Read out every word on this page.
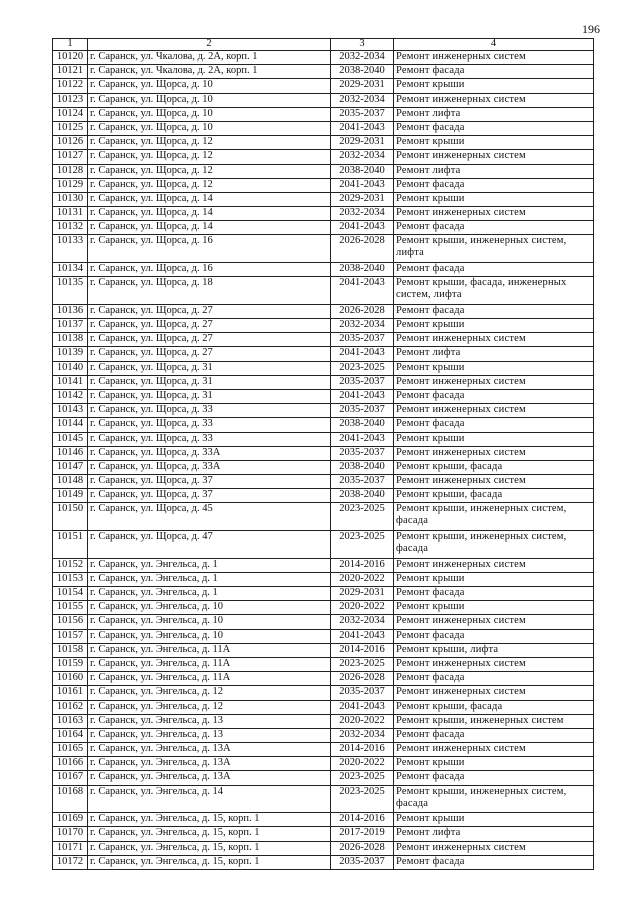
196
1	2	3	4
10120	г. Саранск, ул. Чкалова, д. 2А, корп. 1	2032-2034	Ремонт инженерных систем
10121	г. Саранск, ул. Чкалова, д. 2А, корп. 1	2038-2040	Ремонт фасада
10122	г. Саранск, ул. Щорса, д. 10	2029-2031	Ремонт крыши
10123	г. Саранск, ул. Щорса, д. 10	2032-2034	Ремонт инженерных систем
10124	г. Саранск, ул. Щорса, д. 10	2035-2037	Ремонт лифта
10125	г. Саранск, ул. Щорса, д. 10	2041-2043	Ремонт фасада
10126	г. Саранск, ул. Щорса, д. 12	2029-2031	Ремонт крыши
10127	г. Саранск, ул. Щорса, д. 12	2032-2034	Ремонт инженерных систем
10128	г. Саранск, ул. Щорса, д. 12	2038-2040	Ремонт лифта
10129	г. Саранск, ул. Щорса, д. 12	2041-2043	Ремонт фасада
10130	г. Саранск, ул. Щорса, д. 14	2029-2031	Ремонт крыши
10131	г. Саранск, ул. Щорса, д. 14	2032-2034	Ремонт инженерных систем
10132	г. Саранск, ул. Щорса, д. 14	2041-2043	Ремонт фасада
10133	г. Саранск, ул. Щорса, д. 16	2026-2028	Ремонт крыши, инженерных систем, лифта
10134	г. Саранск, ул. Щорса, д. 16	2038-2040	Ремонт фасада
10135	г. Саранск, ул. Щорса, д. 18	2041-2043	Ремонт крыши, фасада, инженерных систем, лифта
10136	г. Саранск, ул. Щорса, д. 27	2026-2028	Ремонт фасада
10137	г. Саранск, ул. Щорса, д. 27	2032-2034	Ремонт крыши
10138	г. Саранск, ул. Щорса, д. 27	2035-2037	Ремонт инженерных систем
10139	г. Саранск, ул. Щорса, д. 27	2041-2043	Ремонт лифта
10140	г. Саранск, ул. Щорса, д. 31	2023-2025	Ремонт крыши
10141	г. Саранск, ул. Щорса, д. 31	2035-2037	Ремонт инженерных систем
10142	г. Саранск, ул. Щорса, д. 31	2041-2043	Ремонт фасада
10143	г. Саранск, ул. Щорса, д. 33	2035-2037	Ремонт инженерных систем
10144	г. Саранск, ул. Щорса, д. 33	2038-2040	Ремонт фасада
10145	г. Саранск, ул. Щорса, д. 33	2041-2043	Ремонт крыши
10146	г. Саранск, ул. Щорса, д. 33А	2035-2037	Ремонт инженерных систем
10147	г. Саранск, ул. Щорса, д. 33А	2038-2040	Ремонт крыши, фасада
10148	г. Саранск, ул. Щорса, д. 37	2035-2037	Ремонт инженерных систем
10149	г. Саранск, ул. Щорса, д. 37	2038-2040	Ремонт крыши, фасада
10150	г. Саранск, ул. Щорса, д. 45	2023-2025	Ремонт крыши, инженерных систем, фасада
10151	г. Саранск, ул. Щорса, д. 47	2023-2025	Ремонт крыши, инженерных систем, фасада
10152	г. Саранск, ул. Энгельса, д. 1	2014-2016	Ремонт инженерных систем
10153	г. Саранск, ул. Энгельса, д. 1	2020-2022	Ремонт крыши
10154	г. Саранск, ул. Энгельса, д. 1	2029-2031	Ремонт фасада
10155	г. Саранск, ул. Энгельса, д. 10	2020-2022	Ремонт крыши
10156	г. Саранск, ул. Энгельса, д. 10	2032-2034	Ремонт инженерных систем
10157	г. Саранск, ул. Энгельса, д. 10	2041-2043	Ремонт фасада
10158	г. Саранск, ул. Энгельса, д. 11А	2014-2016	Ремонт крыши, лифта
10159	г. Саранск, ул. Энгельса, д. 11А	2023-2025	Ремонт инженерных систем
10160	г. Саранск, ул. Энгельса, д. 11А	2026-2028	Ремонт фасада
10161	г. Саранск, ул. Энгельса, д. 12	2035-2037	Ремонт инженерных систем
10162	г. Саранск, ул. Энгельса, д. 12	2041-2043	Ремонт крыши, фасада
10163	г. Саранск, ул. Энгельса, д. 13	2020-2022	Ремонт крыши, инженерных систем
10164	г. Саранск, ул. Энгельса, д. 13	2032-2034	Ремонт фасада
10165	г. Саранск, ул. Энгельса, д. 13А	2014-2016	Ремонт инженерных систем
10166	г. Саранск, ул. Энгельса, д. 13А	2020-2022	Ремонт крыши
10167	г. Саранск, ул. Энгельса, д. 13А	2023-2025	Ремонт фасада
10168	г. Саранск, ул. Энгельса, д. 14	2023-2025	Ремонт крыши, инженерных систем, фасада
10169	г. Саранск, ул. Энгельса, д. 15, корп. 1	2014-2016	Ремонт крыши
10170	г. Саранск, ул. Энгельса, д. 15, корп. 1	2017-2019	Ремонт лифта
10171	г. Саранск, ул. Энгельса, д. 15, корп. 1	2026-2028	Ремонт инженерных систем
10172	г. Саранск, ул. Энгельса, д. 15, корп. 1	2035-2037	Ремонт фасада
